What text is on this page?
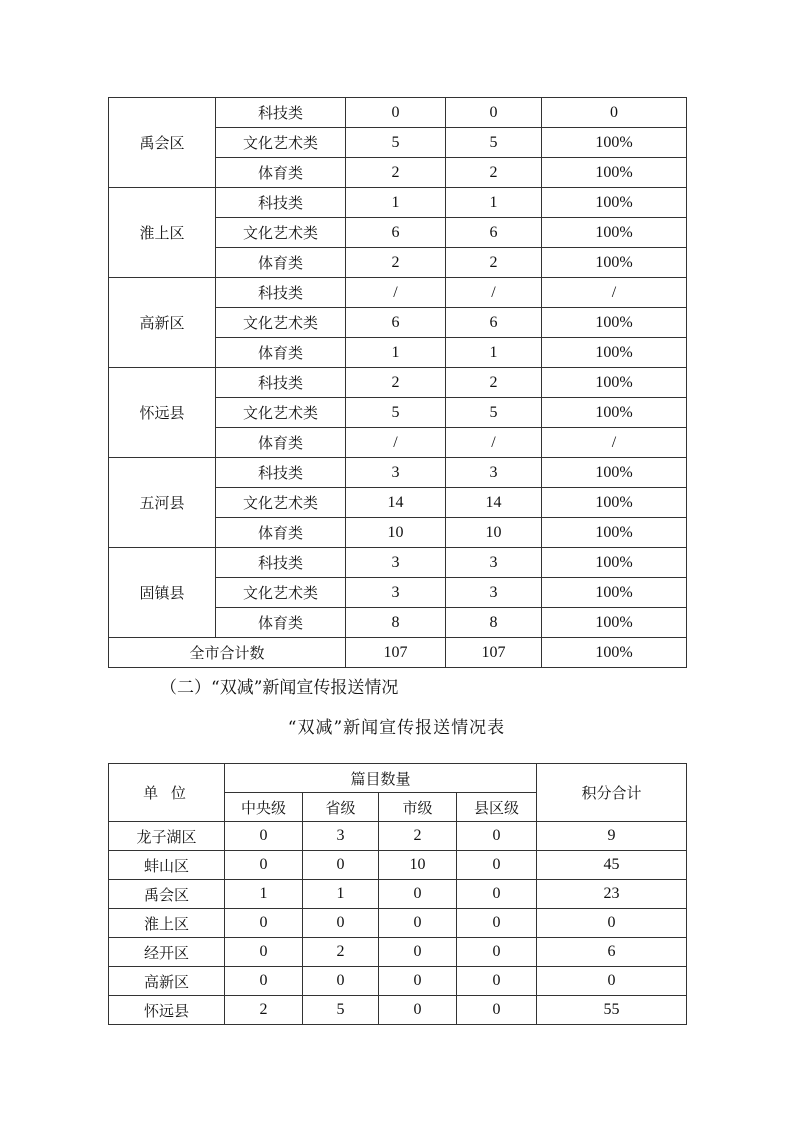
禹会区	科技类	0	0	0
	文化艺术类	5	5	100%
	体育类	2	2	100%
淮上区	科技类	1	1	100%
	文化艺术类	6	6	100%
	体育类	2	2	100%
高新区	科技类	/	/	/
	文化艺术类	6	6	100%
	体育类	1	1	100%
怀远县	科技类	2	2	100%
	文化艺术类	5	5	100%
	体育类	/	/	/
五河县	科技类	3	3	100%
	文化艺术类	14	14	100%
	体育类	10	10	100%
固镇县	科技类	3	3	100%
	文化艺术类	3	3	100%
	体育类	8	8	100%
全市合计数		107	107	100%
（二）“双减”新闻宣传报送情况
“双减”新闻宣传报送情况表
单 位	篇目数量				积分合计
	中央级	省级	市级	县区级	
龙子湖区	0	3	2	0	9
蚌山区	0	0	10	0	45
禹会区	1	1	0	0	23
淮上区	0	0	0	0	0
经开区	0	2	0	0	6
高新区	0	0	0	0	0
怀远县	2	5	0	0	55
